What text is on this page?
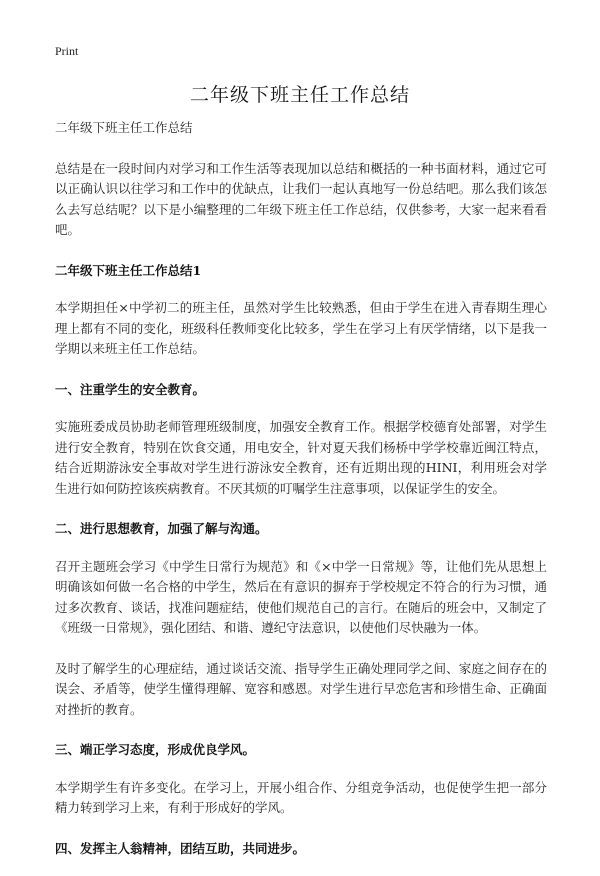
Print
二年级下班主任工作总结

二年级下班主任工作总结

总结是在一段时间内对学习和工作生活等表现加以总结和概括的一种书面材料，通过它可以正确认识以往学习和工作中的优缺点，让我们一起认真地写一份总结吧。那么我们该怎么去写总结呢？以下是小编整理的二年级下班主任工作总结，仅供参考，大家一起来看看吧。

二年级下班主任工作总结1

本学期担任×中学初二的班主任，虽然对学生比较熟悉，但由于学生在进入青春期生理心理上都有不同的变化，班级科任教师变化比较多，学生在学习上有厌学情绪，以下是我一学期以来班主任工作总结。

一、注重学生的安全教育。

实施班委成员协助老师管理班级制度，加强安全教育工作。根据学校德育处部署，对学生进行安全教育，特别在饮食交通，用电安全，针对夏天我们杨桥中学学校靠近闽江特点，结合近期游泳安全事故对学生进行游泳安全教育，还有近期出现的HINI，利用班会对学生进行如何防控该疾病教育。不厌其烦的叮嘱学生注意事项，以保证学生的安全。

二、进行思想教育，加强了解与沟通。

召开主题班会学习《中学生日常行为规范》和《×中学一日常规》等，让他们先从思想上明确该如何做一名合格的中学生，然后在有意识的摒弃于学校规定不符合的行为习惯，通过多次教育、谈话，找准问题症结，使他们规范自己的言行。在随后的班会中，又制定了《班级一日常规》，强化团结、和谐、遵纪守法意识，以使他们尽快融为一体。

及时了解学生的心理症结，通过谈话交流、指导学生正确处理同学之间、家庭之间存在的误会、矛盾等，使学生懂得理解、宽容和感恩。对学生进行早恋危害和珍惜生命、正确面对挫折的教育。

三、端正学习态度，形成优良学风。

本学期学生有许多变化。在学习上，开展小组合作、分组竞争活动，也促使学生把一部分精力转到学习上来，有利于形成好的学风。

四、发挥主人翁精神，团结互助，共同进步。
